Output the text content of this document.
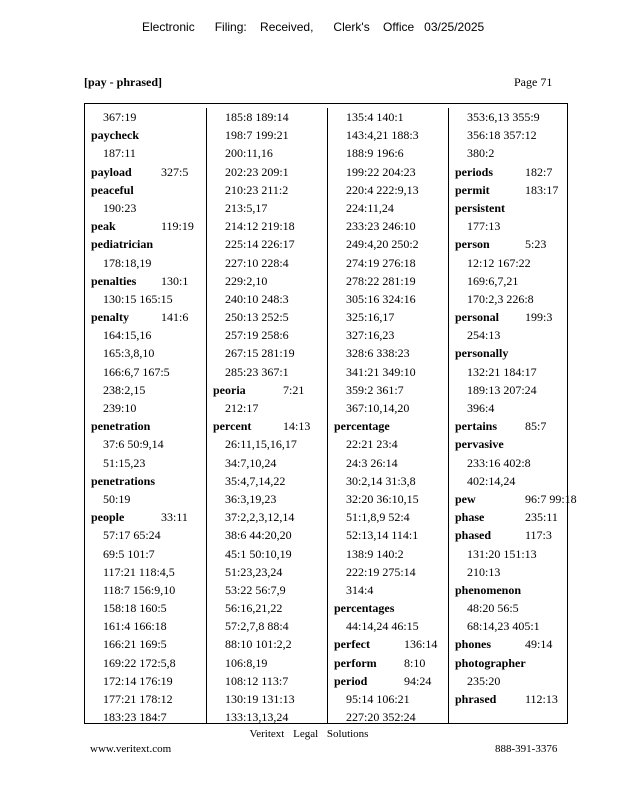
Electronic      Filing:    Received,      Clerk's    Office   03/25/2025
[pay - phrased]	Page 71
367:19
paycheck
187:11
payload 327:5
peaceful
190:23
peak	119:19
pediatrician
178:18,19
penalties 130:1
130:15 165:15
penalty	141:6
164:15,16
165:3,8,10
166:6,7 167:5
238:2,15
239:10
penetration
37:6 50:9,14
51:15,23
penetrations
50:19
people	33:11
57:17 65:24
69:5 101:7
117:21 118:4,5
118:7 156:9,10
158:18 160:5
161:4 166:18
166:21 169:5
169:22 172:5,8
172:14 176:19
177:21 178:12
183:23 184:7
185:8 189:14
198:7 199:21
200:11,16
202:23 209:1
210:23 211:2
213:5,17
214:12 219:18
225:14 226:17
227:10 228:4
229:2,10
240:10 248:3
250:13 252:5
257:19 258:6
267:15 281:19
285:23 367:1
peoria	7:21
212:17
percent	14:13
26:11,15,16,17
34:7,10,24
35:4,7,14,22
36:3,19,23
37:2,2,3,12,14
38:6 44:20,20
45:1 50:10,19
51:23,23,24
53:22 56:7,9
56:16,21,22
57:2,7,8 88:4
88:10 101:2,2
106:8,19
108:12 113:7
130:19 131:13
133:13,13,24
135:4 140:1
143:4,21 188:3
188:9 196:6
199:22 204:23
220:4 222:9,13
224:11,24
233:23 246:10
249:4,20 250:2
274:19 276:18
278:22 281:19
305:16 324:16
325:16,17
327:16,23
328:6 338:23
341:21 349:10
359:2 361:7
367:10,14,20
percentage
22:21 23:4
24:3 26:14
30:2,14 31:3,8
32:20 36:10,15
51:1,8,9 52:4
52:13,14 114:1
138:9 140:2
222:19 275:14
314:4
percentages
44:14,24 46:15
perfect	136:14
perform 8:10
period	94:24
95:14 106:21
227:20 352:24
353:6,13 355:9
356:18 357:12
380:2
periods	182:7
permit	183:17
persistent
177:13
person	5:23
12:12 167:22
169:6,7,21
170:2,3 226:8
personal 199:3
254:13
personally
132:21 184:17
189:13 207:24
396:4
pertains 85:7
pervasive
233:16 402:8
402:14,24
pew	96:7 99:18
phase	235:11
phased	117:3
131:20 151:13
210:13
phenomenon
48:20 56:5
68:14,23 405:1
phones	49:14
photographer
235:20
phrased 112:13
Veritext Legal Solutions
www.veritext.com	888-391-3376
